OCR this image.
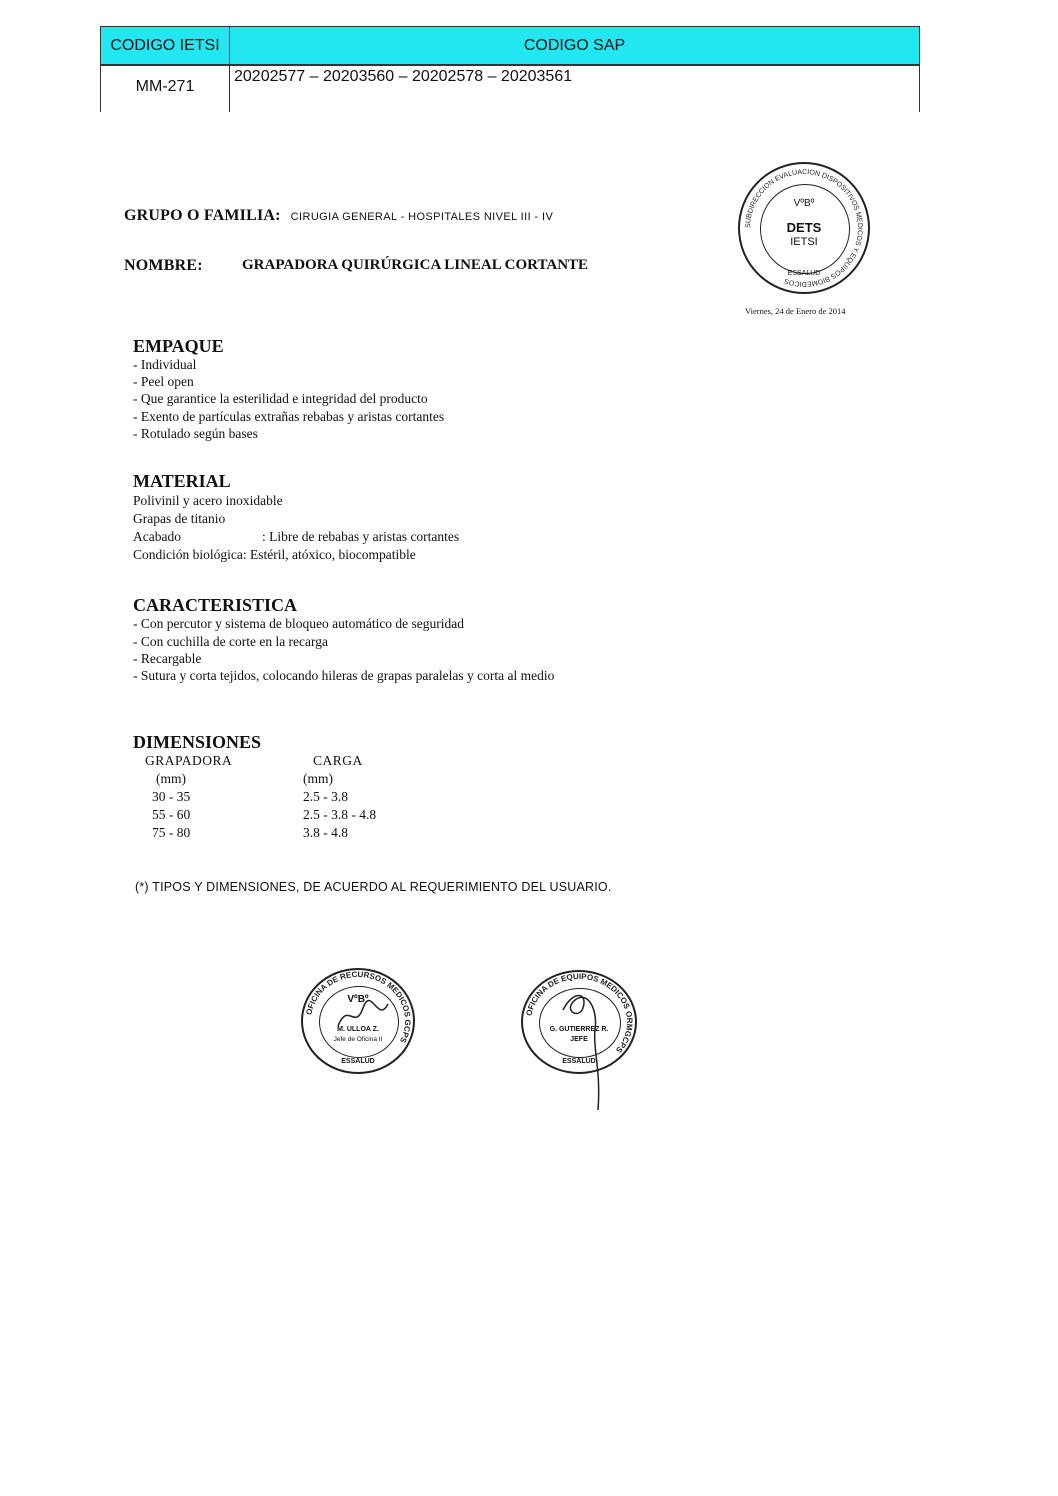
CODIGO IETSI	CODIGO SAP
MM-271	20202577 – 20203560 – 20202578 – 20203561
GRUPO O FAMILIA: CIRUGIA GENERAL - HOSPITALES NIVEL III - IV
NOMBRE:	GRAPADORA QUIRÚRGICA LINEAL CORTANTE
SUBDIRECCION EVALUACION DISPOSITIVOS MEDICOS Y EQUIPOS BIOMEDICOS
VºBº
DETS
IETSI
ESSALUD
Viernes, 24 de Enero de 2014
EMPAQUE
- Individual
- Peel open
- Que garantice la esterilidad e integridad del producto
- Exento de partículas extrañas rebabas y aristas cortantes
- Rotulado según bases
MATERIAL
Polivinil y acero inoxidable
Grapas de titanio
Acabado	: Libre de rebabas y aristas cortantes
Condición biológica: Estéril, atóxico, biocompatible
CARACTERISTICA
- Con percutor y sistema de bloqueo automático de seguridad
- Con cuchilla de corte en la recarga
- Recargable
- Sutura y corta tejidos, colocando hileras de grapas paralelas y corta al medio
DIMENSIONES
GRAPADORA	CARGA
(mm)	(mm)
30 - 35	2.5 - 3.8
55 - 60	2.5 - 3.8 - 4.8
75 - 80	3.8 - 4.8
(*) TIPOS Y DIMENSIONES, DE ACUERDO AL REQUERIMIENTO DEL USUARIO.
OFICINA DE RECURSOS MEDICOS GCPS
VºBº
M. ULLOA Z.
Jefe de Oficina II
ESSALUD
OFICINA DE EQUIPOS MEDICOS ORMGCPS
G. GUTIERREZ R.
JEFE
ESSALUD
